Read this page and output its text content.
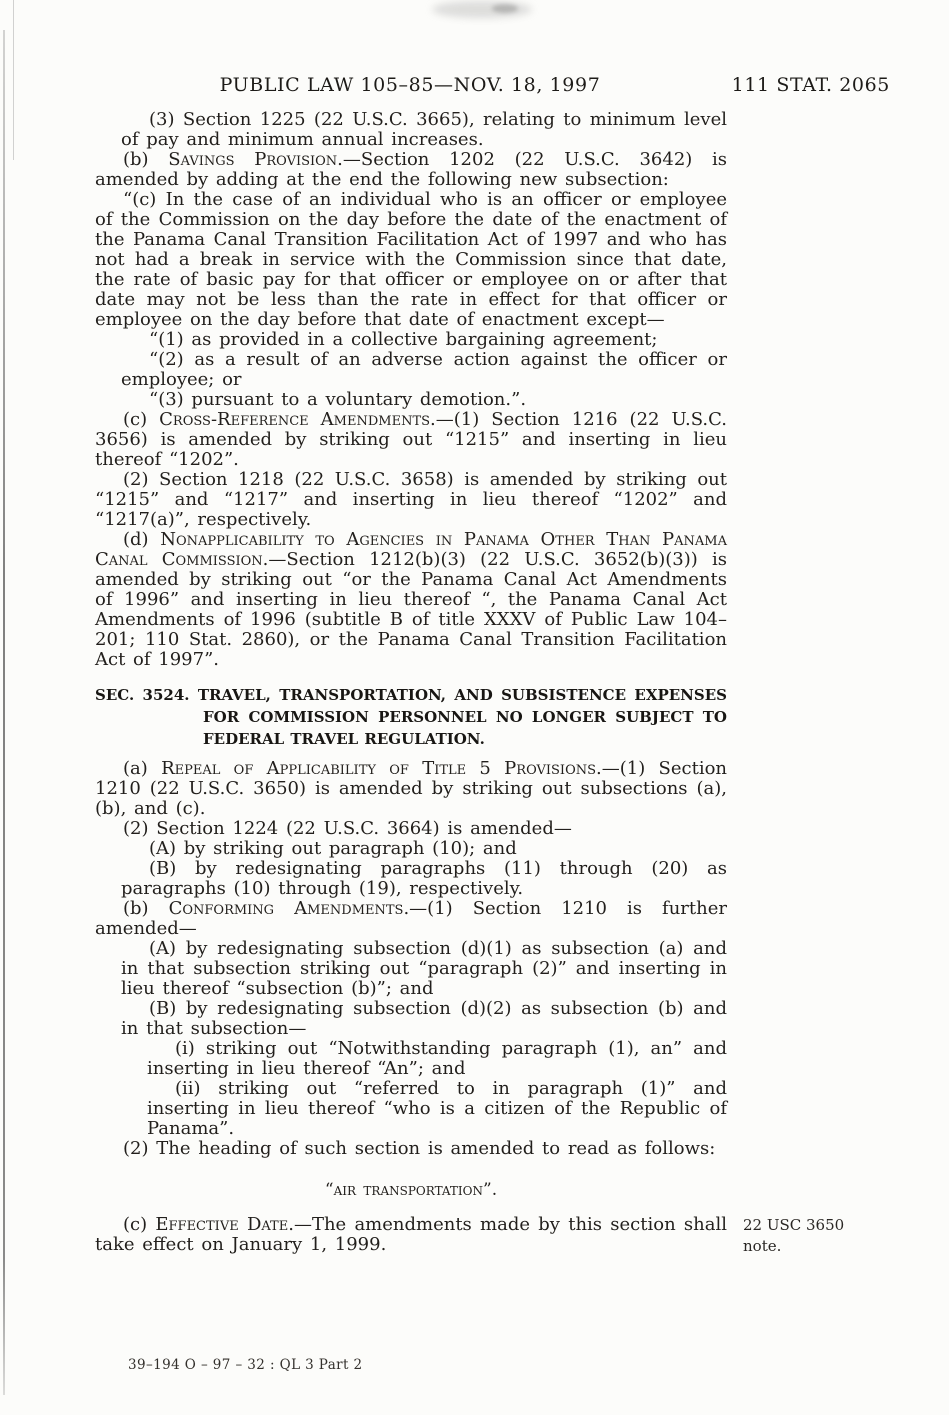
PUBLIC LAW 105–85—NOV. 18, 1997	111 STAT. 2065
(3) Section 1225 (22 U.S.C. 3665), relating to minimum level of pay and minimum annual increases.
(b) Savings Provision.—Section 1202 (22 U.S.C. 3642) is amended by adding at the end the following new subsection:
“(c) In the case of an individual who is an officer or employee of the Commission on the day before the date of the enactment of the Panama Canal Transition Facilitation Act of 1997 and who has not had a break in service with the Commission since that date, the rate of basic pay for that officer or employee on or after that date may not be less than the rate in effect for that officer or employee on the day before that date of enactment except—
“(1) as provided in a collective bargaining agreement;
“(2) as a result of an adverse action against the officer or employee; or
“(3) pursuant to a voluntary demotion.”.
(c) Cross-Reference Amendments.—(1) Section 1216 (22 U.S.C. 3656) is amended by striking out “1215” and inserting in lieu thereof “1202”.
(2) Section 1218 (22 U.S.C. 3658) is amended by striking out “1215” and “1217” and inserting in lieu thereof “1202” and “1217(a)”, respectively.
(d) Nonapplicability to Agencies in Panama Other Than Panama Canal Commission.—Section 1212(b)(3) (22 U.S.C. 3652(b)(3)) is amended by striking out “or the Panama Canal Act Amendments of 1996” and inserting in lieu thereof “, the Panama Canal Act Amendments of 1996 (subtitle B of title XXXV of Public Law 104–201; 110 Stat. 2860), or the Panama Canal Transition Facilitation Act of 1997”.
SEC. 3524. TRAVEL, TRANSPORTATION, AND SUBSISTENCE EXPENSES FOR COMMISSION PERSONNEL NO LONGER SUBJECT TO FEDERAL TRAVEL REGULATION.
(a) Repeal of Applicability of Title 5 Provisions.—(1) Section 1210 (22 U.S.C. 3650) is amended by striking out subsections (a), (b), and (c).
(2) Section 1224 (22 U.S.C. 3664) is amended—
(A) by striking out paragraph (10); and
(B) by redesignating paragraphs (11) through (20) as paragraphs (10) through (19), respectively.
(b) Conforming Amendments.—(1) Section 1210 is further amended—
(A) by redesignating subsection (d)(1) as subsection (a) and in that subsection striking out “paragraph (2)” and inserting in lieu thereof “subsection (b)”; and
(B) by redesignating subsection (d)(2) as subsection (b) and in that subsection—
(i) striking out “Notwithstanding paragraph (1), an” and inserting in lieu thereof “An”; and
(ii) striking out “referred to in paragraph (1)” and inserting in lieu thereof “who is a citizen of the Republic of Panama”.
(2) The heading of such section is amended to read as follows:
“air transportation”.
(c) Effective Date.—The amendments made by this section shall take effect on January 1, 1999.
22 USC 3650
note.
39–194 O – 97 – 32 : QL 3 Part 2
